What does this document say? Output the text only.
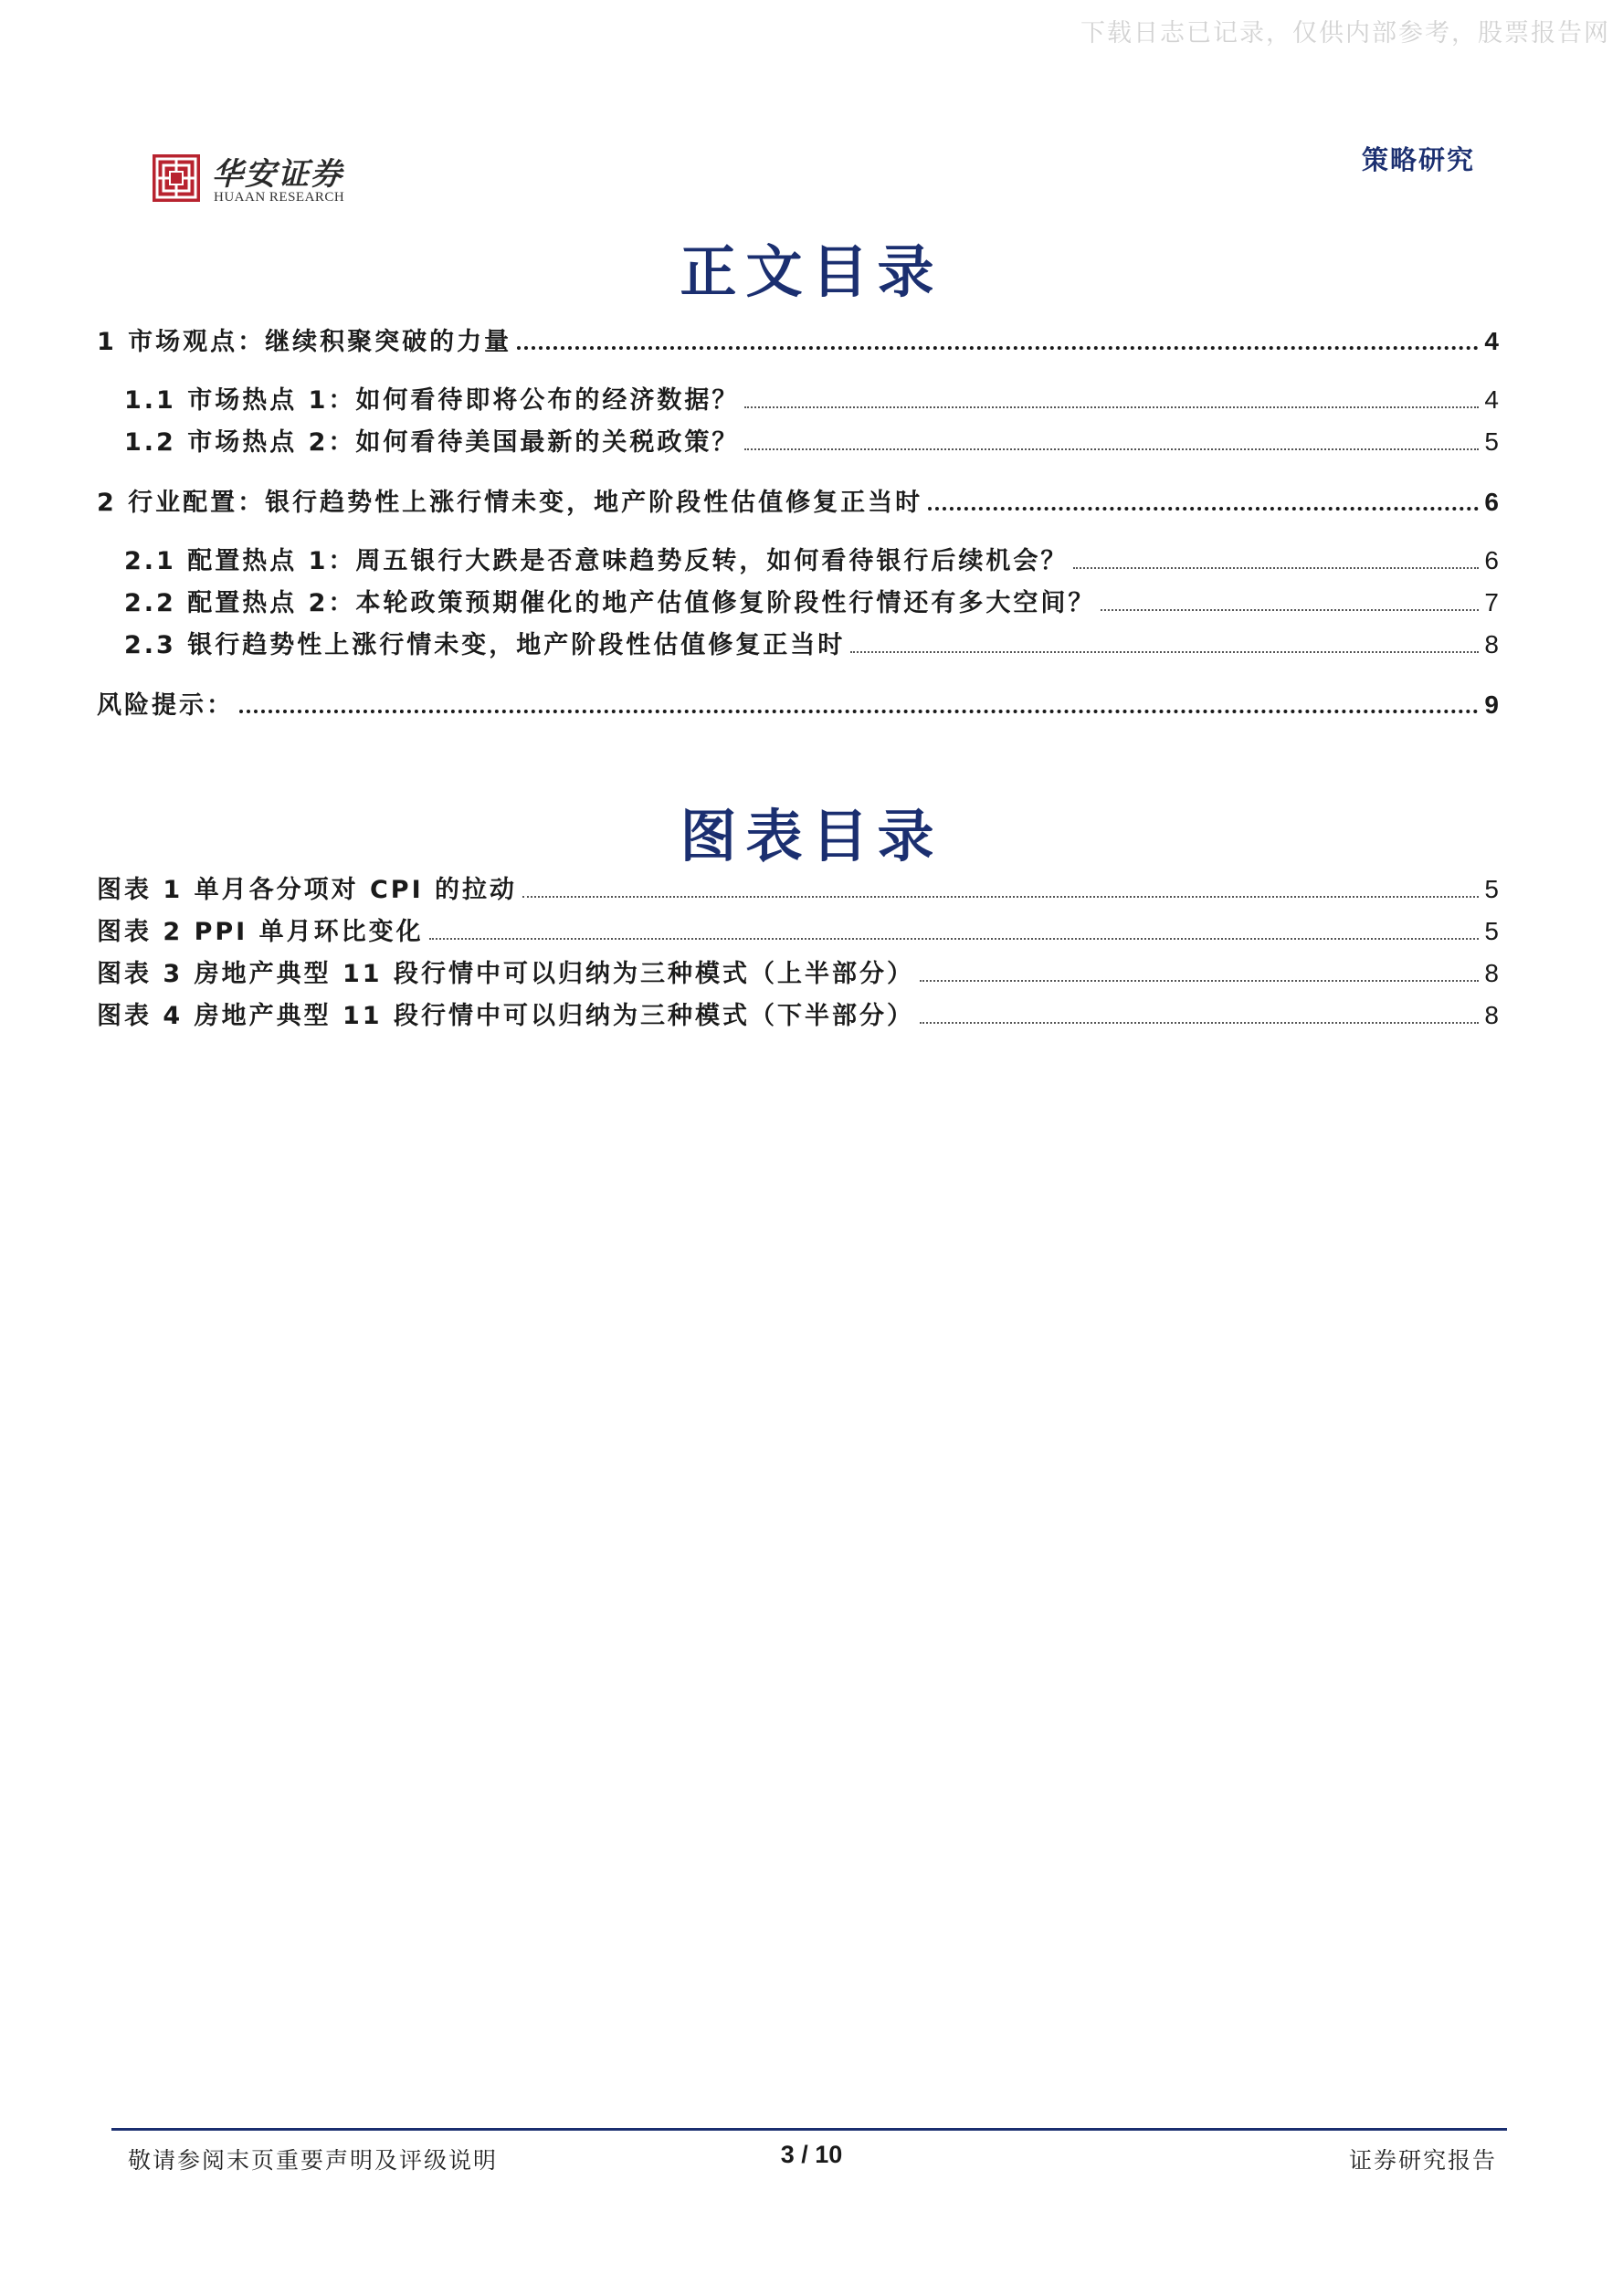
下载日志已记录，仅供内部参考，股票报告网
华安证券
HUAAN RESEARCH
策略研究
正文目录
1 市场观点：继续积聚突破的力量	4
1.1 市场热点 1：如何看待即将公布的经济数据？	4
1.2 市场热点 2：如何看待美国最新的关税政策？	5
2 行业配置：银行趋势性上涨行情未变，地产阶段性估值修复正当时	6
2.1 配置热点 1：周五银行大跌是否意味趋势反转，如何看待银行后续机会？	6
2.2 配置热点 2：本轮政策预期催化的地产估值修复阶段性行情还有多大空间？	7
2.3 银行趋势性上涨行情未变，地产阶段性估值修复正当时	8
风险提示：	9
图表目录
图表 1 单月各分项对 CPI 的拉动	5
图表 2 PPI 单月环比变化	5
图表 3 房地产典型 11 段行情中可以归纳为三种模式（上半部分）	8
图表 4 房地产典型 11 段行情中可以归纳为三种模式（下半部分）	8
敬请参阅末页重要声明及评级说明	3 / 10	证券研究报告
